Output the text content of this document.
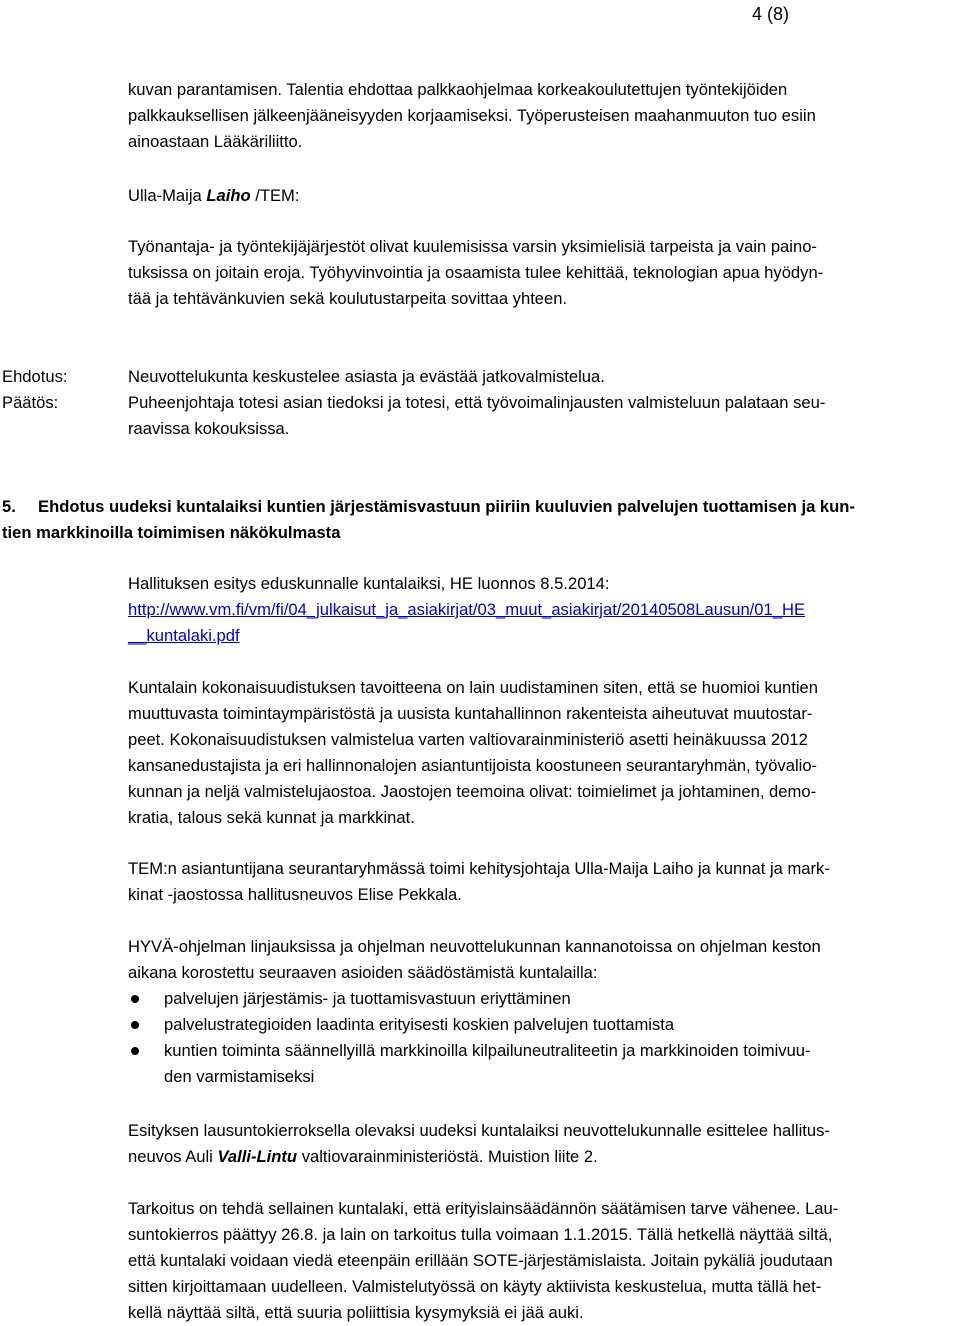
4 (8)
kuvan parantamisen. Talentia ehdottaa palkkaohjelmaa korkeakoulutettujen työntekijöiden
palkkauksellisen jälkeenjääneisyyden korjaamiseksi. Työperusteisen maahanmuuton tuo esiin
ainoastaan Lääkäriliitto.
Ulla-Maija Laiho /TEM:
Työnantaja- ja työntekijäjärjestöt olivat kuulemisissa varsin yksimielisiä tarpeista ja vain paino-
tuksissa on joitain eroja. Työhyvinvointia ja osaamista tulee kehittää, teknologian apua hyödyn-
tää ja tehtävänkuvien sekä koulutustarpeita sovittaa yhteen.
Ehdotus:	Neuvottelukunta keskustelee asiasta ja evästää jatkovalmistelua.
Päätös:	Puheenjohtaja totesi asian tiedoksi ja totesi, että työvoimalinjausten valmisteluun palataan seu-
raavissa kokouksissa.
5. Ehdotus uudeksi kuntalaiksi kuntien järjestämisvastuun piiriin kuuluvien palvelujen tuottamisen ja kun-
tien markkinoilla toimimisen näkökulmasta
Hallituksen esitys eduskunnalle kuntalaiksi, HE luonnos 8.5.2014:
http://www.vm.fi/vm/fi/04_julkaisut_ja_asiakirjat/03_muut_asiakirjat/20140508Lausun/01_HE
__kuntalaki.pdf
Kuntalain kokonaisuudistuksen tavoitteena on lain uudistaminen siten, että se huomioi kuntien
muuttuvasta toimintaympäristöstä ja uusista kuntahallinnon rakenteista aiheutuvat muutostar-
peet. Kokonaisuudistuksen valmistelua varten valtiovarainministeriö asetti heinäkuussa 2012
kansanedustajista ja eri hallinnonalojen asiantuntijoista koostuneen seurantaryhmän, työvalio-
kunnan ja neljä valmistelujaostoa. Jaostojen teemoina olivat: toimielimet ja johtaminen, demo-
kratia, talous sekä kunnat ja markkinat.
TEM:n asiantuntijana seurantaryhmässä toimi kehitysjohtaja Ulla-Maija Laiho ja kunnat ja mark-
kinat -jaostossa hallitusneuvos Elise Pekkala.
HYVÄ-ohjelman linjauksissa ja ohjelman neuvottelukunnan kannanotoissa on ohjelman keston
aikana korostettu seuraaven asioiden säädöstämistä kuntalailla:
palvelujen järjestämis- ja tuottamisvastuun eriyttäminen
palvelustrategioiden laadinta erityisesti koskien palvelujen tuottamista
kuntien toiminta säännellyillä markkinoilla kilpailuneutraliteetin ja markkinoiden toimivuu-
den varmistamiseksi
Esityksen lausuntokierroksella olevaksi uudeksi kuntalaiksi neuvottelukunnalle esittelee hallitus-
neuvos Auli Valli-Lintu valtiovarainministeriöstä. Muistion liite 2.
Tarkoitus on tehdä sellainen kuntalaki, että erityislainsäädännön säätämisen tarve vähenee. Lau-
suntokierros päättyy 26.8. ja lain on tarkoitus tulla voimaan 1.1.2015. Tällä hetkellä näyttää siltä,
että kuntalaki voidaan viedä eteenpäin erillään SOTE-järjestämislaista. Joitain pykäliä joudutaan
sitten kirjoittamaan uudelleen. Valmistelutyössä on käyty aktiivista keskustelua, mutta tällä het-
kellä näyttää siltä, että suuria poliittisia kysymyksiä ei jää auki.
